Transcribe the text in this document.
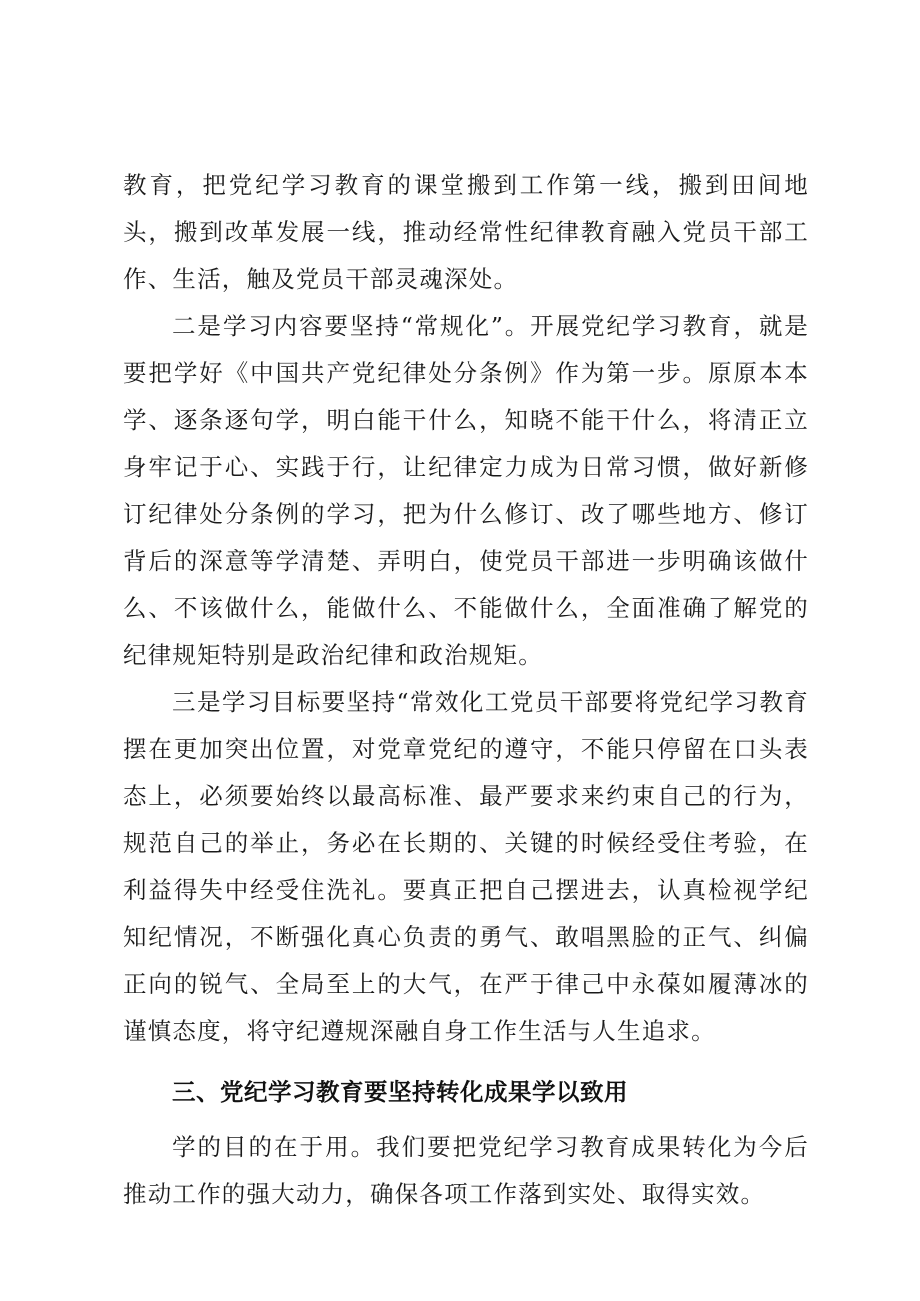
教育，把党纪学习教育的课堂搬到工作第一线，搬到田间地头，搬到改革发展一线，推动经常性纪律教育融入党员干部工作、生活，触及党员干部灵魂深处。

二是学习内容要坚持“常规化”。开展党纪学习教育，就是要把学好《中国共产党纪律处分条例》作为第一步。原原本本学、逐条逐句学，明白能干什么，知晓不能干什么，将清正立身牢记于心、实践于行，让纪律定力成为日常习惯，做好新修订纪律处分条例的学习，把为什么修订、改了哪些地方、修订背后的深意等学清楚、弄明白，使党员干部进一步明确该做什么、不该做什么，能做什么、不能做什么，全面准确了解党的纪律规矩特别是政治纪律和政治规矩。

三是学习目标要坚持“常效化工党员干部要将党纪学习教育摆在更加突出位置，对党章党纪的遵守，不能只停留在口头表态上，必须要始终以最高标准、最严要求来约束自己的行为，规范自己的举止，务必在长期的、关键的时候经受住考验，在利益得失中经受住洗礼。要真正把自己摆进去，认真检视学纪知纪情况，不断强化真心负责的勇气、敢唱黑脸的正气、纠偏正向的锐气、全局至上的大气，在严于律己中永葆如履薄冰的谨慎态度，将守纪遵规深融自身工作生活与人生追求。

三、党纪学习教育要坚持转化成果学以致用

学的目的在于用。我们要把党纪学习教育成果转化为今后推动工作的强大动力，确保各项工作落到实处、取得实效。
